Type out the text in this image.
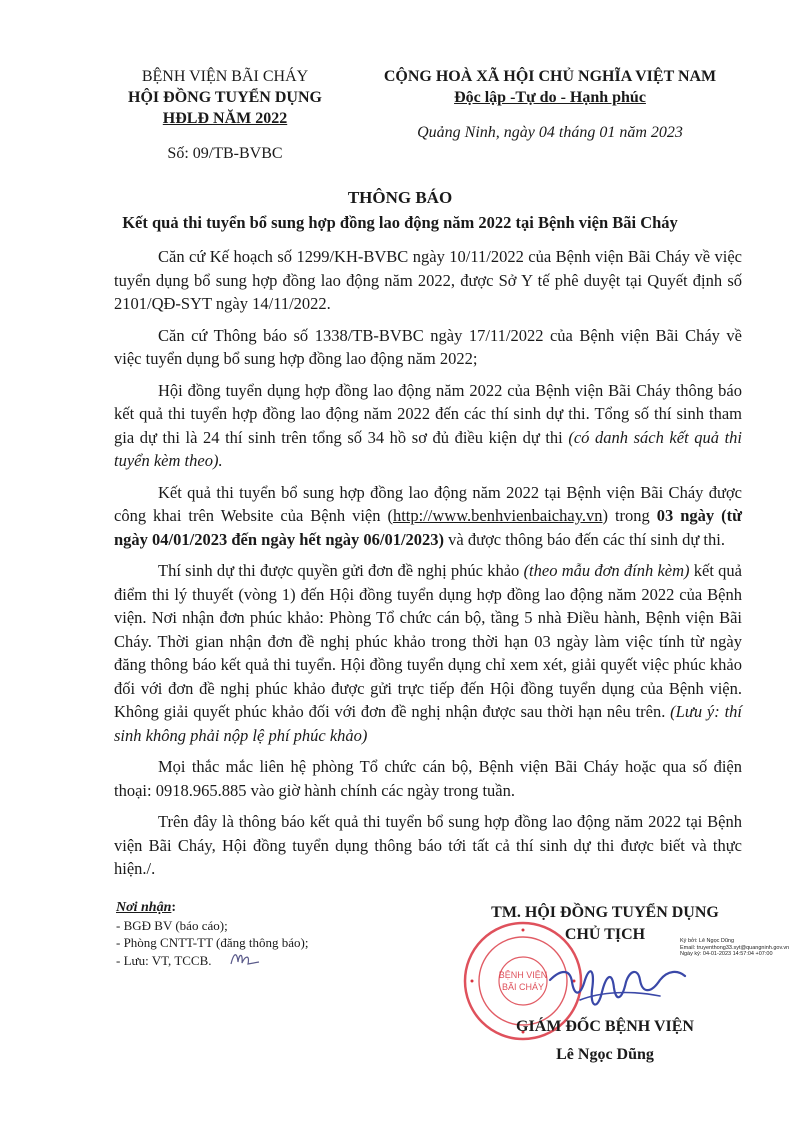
BỆNH VIỆN BÃI CHÁY
HỘI ĐỒNG TUYỂN DỤNG
HĐLĐ NĂM 2022
Số: 09/TB-BVBC
CỘNG HOÀ XÃ HỘI CHỦ NGHĨA VIỆT NAM
Độc lập -Tự do - Hạnh phúc
Quảng Ninh, ngày 04 tháng 01 năm 2023
THÔNG BÁO
Kết quả thi tuyển bổ sung hợp đồng lao động năm 2022 tại Bệnh viện Bãi Cháy

Căn cứ Kế hoạch số 1299/KH-BVBC ngày 10/11/2022 của Bệnh viện Bãi Cháy về việc tuyển dụng bổ sung hợp đồng lao động năm 2022, được Sở Y tế phê duyệt tại Quyết định số 2101/QĐ-SYT ngày 14/11/2022.

Căn cứ Thông báo số 1338/TB-BVBC ngày 17/11/2022 của Bệnh viện Bãi Cháy về việc tuyển dụng bổ sung hợp đồng lao động năm 2022;

Hội đồng tuyển dụng hợp đồng lao động năm 2022 của Bệnh viện Bãi Cháy thông báo kết quả thi tuyển hợp đồng lao động năm 2022 đến các thí sinh dự thi. Tổng số thí sinh tham gia dự thi là 24 thí sinh trên tổng số 34 hồ sơ đủ điều kiện dự thi (có danh sách kết quả thi tuyển kèm theo).

Kết quả thi tuyển bổ sung hợp đồng lao động năm 2022 tại Bệnh viện Bãi Cháy được công khai trên Website của Bệnh viện (http://www.benhvienbaichay.vn) trong 03 ngày (từ ngày 04/01/2023 đến ngày hết ngày 06/01/2023) và được thông báo đến các thí sinh dự thi.

Thí sinh dự thi được quyền gửi đơn đề nghị phúc khảo (theo mẫu đơn đính kèm) kết quả điểm thi lý thuyết (vòng 1) đến Hội đồng tuyển dụng hợp đồng lao động năm 2022 của Bệnh viện. Nơi nhận đơn phúc khảo: Phòng Tổ chức cán bộ, tầng 5 nhà Điều hành, Bệnh viện Bãi Cháy. Thời gian nhận đơn đề nghị phúc khảo trong thời hạn 03 ngày làm việc tính từ ngày đăng thông báo kết quả thi tuyển. Hội đồng tuyển dụng chỉ xem xét, giải quyết việc phúc khảo đối với đơn đề nghị phúc khảo được gửi trực tiếp đến Hội đồng tuyển dụng của Bệnh viện. Không giải quyết phúc khảo đối với đơn đề nghị nhận được sau thời hạn nêu trên. (Lưu ý: thí sinh không phải nộp lệ phí phúc khảo)

Mọi thắc mắc liên hệ phòng Tổ chức cán bộ, Bệnh viện Bãi Cháy hoặc qua số điện thoại: 0918.965.885 vào giờ hành chính các ngày trong tuần.

Trên đây là thông báo kết quả thi tuyển bổ sung hợp đồng lao động năm 2022 tại Bệnh viện Bãi Cháy, Hội đồng tuyển dụng thông báo tới tất cả thí sinh dự thi được biết và thực hiện./.

Nơi nhận:
- BGĐ BV (báo cáo);
- Phòng CNTT-TT (đăng thông báo);
- Lưu: VT, TCCB.
TM. HỘI ĐỒNG TUYỂN DỤNG
CHỦ TỊCH	Ký bởi: Lê Ngọc Dũng
Email: truyenthong33.syt@quangninh.gov.vn
Ngày ký: 04-01-2023 14:57:04 +07:00
BỆNH VIỆN
BÃI CHÁY
GIÁM ĐỐC BỆNH VIỆN
Lê Ngọc Dũng
